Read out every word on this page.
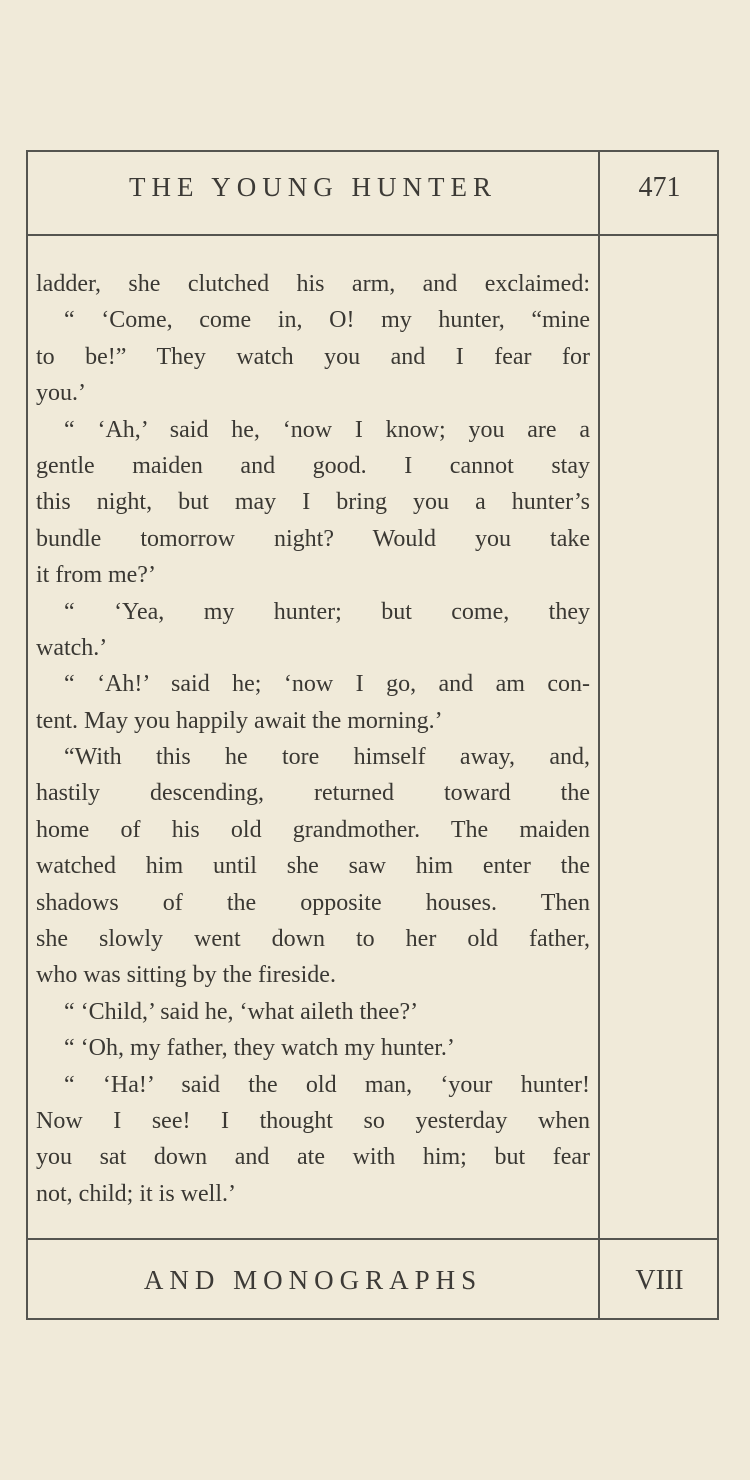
THE YOUNG HUNTER	471
ladder, she clutched his arm, and exclaimed:
“ ‘Come, come in, O! my hunter, “mine
to be!” They watch you and I fear for
you.’
“ ‘Ah,’ said he, ‘now I know; you are a
gentle maiden and good. I cannot stay
this night, but may I bring you a hunter’s
bundle tomorrow night? Would you take
it from me?’
“ ‘Yea, my hunter; but come, they
watch.’
“ ‘Ah!’ said he; ‘now I go, and am con-
tent. May you happily await the morning.’
“With this he tore himself away, and,
hastily descending, returned toward the
home of his old grandmother. The maiden
watched him until she saw him enter the
shadows of the opposite houses. Then
she slowly went down to her old father,
who was sitting by the fireside.
“ ‘Child,’ said he, ‘what aileth thee?’
“ ‘Oh, my father, they watch my hunter.’
“ ‘Ha!’ said the old man, ‘your hunter!
Now I see! I thought so yesterday when
you sat down and ate with him; but fear
not, child; it is well.’
AND MONOGRAPHS	VIII
